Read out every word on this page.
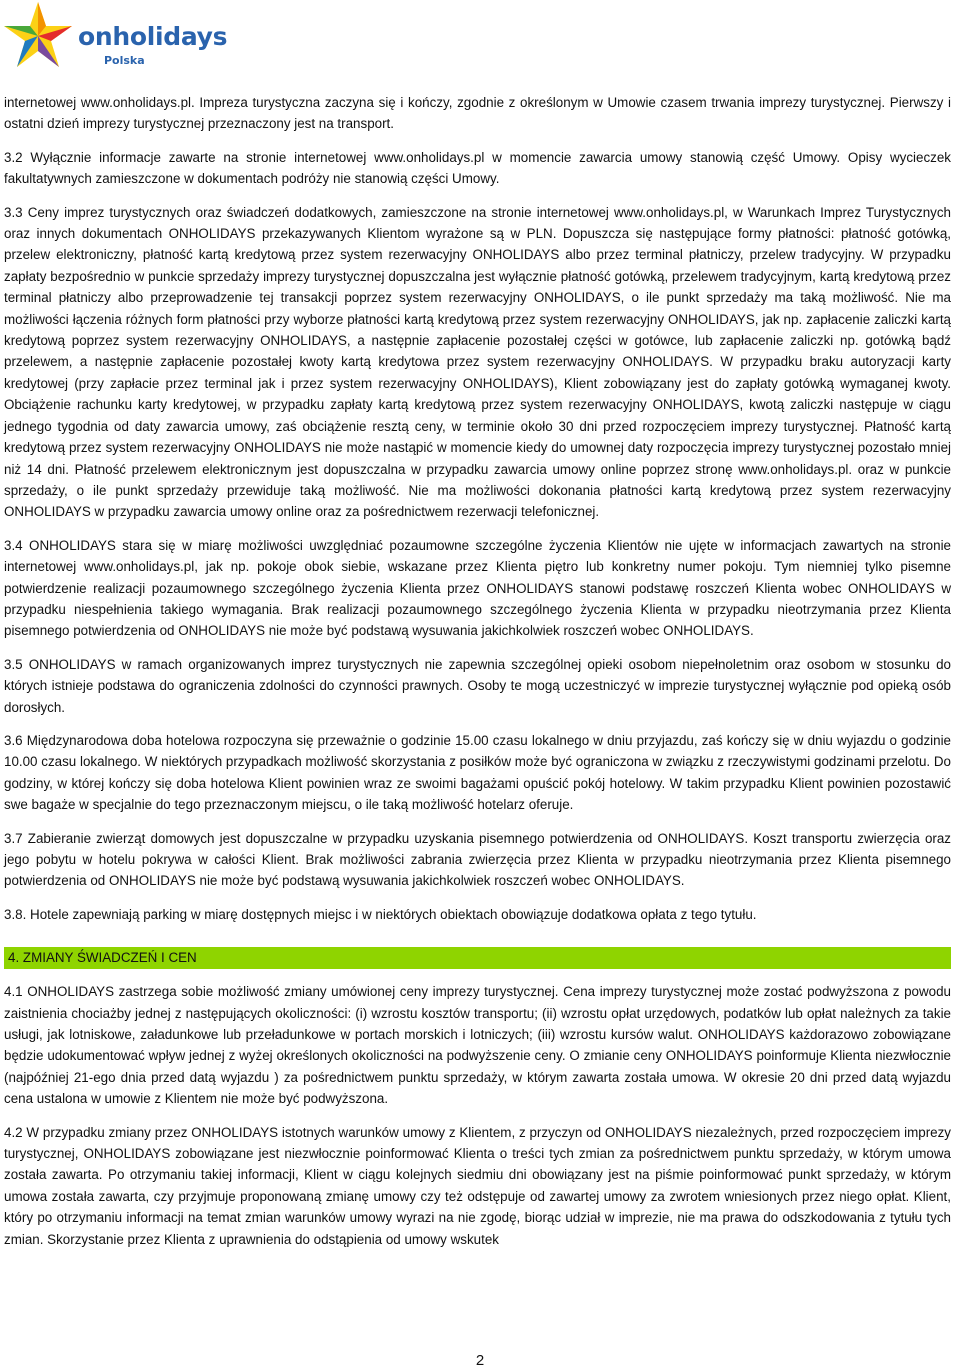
onholidays
Polska

internetowej www.onholidays.pl. Impreza turystyczna zaczyna się i kończy, zgodnie z określonym w Umowie czasem trwania imprezy turystycznej. Pierwszy i ostatni dzień imprezy turystycznej przeznaczony jest na transport.

3.2 Wyłącznie informacje zawarte na stronie internetowej www.onholidays.pl w momencie zawarcia umowy stanowią część Umowy. Opisy wycieczek fakultatywnych zamieszczone w dokumentach podróży nie stanowią części Umowy.

3.3 Ceny imprez turystycznych oraz świadczeń dodatkowych, zamieszczone na stronie internetowej www.onholidays.pl, w Warunkach Imprez Turystycznych oraz innych dokumentach ONHOLIDAYS przekazywanych Klientom wyrażone są w PLN. Dopuszcza się następujące formy płatności: płatność gotówką, przelew elektroniczny, płatność kartą kredytową przez system rezerwacyjny ONHOLIDAYS albo przez terminal płatniczy, przelew tradycyjny. W przypadku zapłaty bezpośrednio w punkcie sprzedaży imprezy turystycznej dopuszczalna jest wyłącznie płatność gotówką, przelewem tradycyjnym, kartą kredytową przez terminal płatniczy albo przeprowadzenie tej transakcji poprzez system rezerwacyjny ONHOLIDAYS, o ile punkt sprzedaży ma taką możliwość. Nie ma możliwości łączenia różnych form płatności przy wyborze płatności kartą kredytową przez system rezerwacyjny ONHOLIDAYS, jak np. zapłacenie zaliczki kartą kredytową poprzez system rezerwacyjny ONHOLIDAYS, a następnie zapłacenie pozostałej części w gotówce, lub zapłacenie zaliczki np. gotówką bądź przelewem, a następnie zapłacenie pozostałej kwoty kartą kredytowa przez system rezerwacyjny ONHOLIDAYS. W przypadku braku autoryzacji karty kredytowej (przy zapłacie przez terminal jak i przez system rezerwacyjny ONHOLIDAYS), Klient zobowiązany jest do zapłaty gotówką wymaganej kwoty. Obciążenie rachunku karty kredytowej, w przypadku zapłaty kartą kredytową przez system rezerwacyjny ONHOLIDAYS, kwotą zaliczki następuje w ciągu jednego tygodnia od daty zawarcia umowy, zaś obciążenie resztą ceny, w terminie około 30 dni przed rozpoczęciem imprezy turystycznej. Płatność kartą kredytową przez system rezerwacyjny ONHOLIDAYS nie może nastąpić w momencie kiedy do umownej daty rozpoczęcia imprezy turystycznej pozostało mniej niż 14 dni. Płatność przelewem elektronicznym jest dopuszczalna w przypadku zawarcia umowy online poprzez stronę www.onholidays.pl. oraz w punkcie sprzedaży, o ile punkt sprzedaży przewiduje taką możliwość. Nie ma możliwości dokonania płatności kartą kredytową przez system rezerwacyjny ONHOLIDAYS w przypadku zawarcia umowy online oraz za pośrednictwem rezerwacji telefonicznej.

3.4 ONHOLIDAYS stara się w miarę możliwości uwzględniać pozaumowne szczególne życzenia Klientów nie ujęte w informacjach zawartych na stronie internetowej www.onholidays.pl, jak np. pokoje obok siebie, wskazane przez Klienta piętro lub konkretny numer pokoju. Tym niemniej tylko pisemne potwierdzenie realizacji pozaumownego szczególnego życzenia Klienta przez ONHOLIDAYS stanowi podstawę roszczeń Klienta wobec ONHOLIDAYS w przypadku niespełnienia takiego wymagania. Brak realizacji pozaumownego szczególnego życzenia Klienta w przypadku nieotrzymania przez Klienta pisemnego potwierdzenia od ONHOLIDAYS nie może być podstawą wysuwania jakichkolwiek roszczeń wobec ONHOLIDAYS.

3.5 ONHOLIDAYS w ramach organizowanych imprez turystycznych nie zapewnia szczególnej opieki osobom niepełnoletnim oraz osobom w stosunku do których istnieje podstawa do ograniczenia zdolności do czynności prawnych. Osoby te mogą uczestniczyć w imprezie turystycznej wyłącznie pod opieką osób dorosłych.

3.6 Międzynarodowa doba hotelowa rozpoczyna się przeważnie o godzinie 15.00 czasu lokalnego w dniu przyjazdu, zaś kończy się w dniu wyjazdu o godzinie 10.00 czasu lokalnego. W niektórych przypadkach możliwość skorzystania z posiłków może być ograniczona w związku z rzeczywistymi godzinami przelotu. Do godziny, w której kończy się doba hotelowa Klient powinien wraz ze swoimi bagażami opuścić pokój hotelowy. W takim przypadku Klient powinien pozostawić swe bagaże w specjalnie do tego przeznaczonym miejscu, o ile taką możliwość hotelarz oferuje.

3.7 Zabieranie zwierząt domowych jest dopuszczalne w przypadku uzyskania pisemnego potwierdzenia od ONHOLIDAYS. Koszt transportu zwierzęcia oraz jego pobytu w hotelu pokrywa w całości Klient. Brak możliwości zabrania zwierzęcia przez Klienta w przypadku nieotrzymania przez Klienta pisemnego potwierdzenia od ONHOLIDAYS nie może być podstawą wysuwania jakichkolwiek roszczeń wobec ONHOLIDAYS.

3.8. Hotele zapewniają parking w miarę dostępnych miejsc i w niektórych obiektach obowiązuje dodatkowa opłata z tego tytułu.

4. ZMIANY ŚWIADCZEŃ I CEN

4.1 ONHOLIDAYS zastrzega sobie możliwość zmiany umówionej ceny imprezy turystycznej. Cena imprezy turystycznej może zostać podwyższona z powodu zaistnienia chociażby jednej z następujących okoliczności: (i) wzrostu kosztów transportu; (ii) wzrostu opłat urzędowych, podatków lub opłat należnych za takie usługi, jak lotniskowe, załadunkowe lub przeładunkowe w portach morskich i lotniczych; (iii) wzrostu kursów walut. ONHOLIDAYS każdorazowo zobowiązane będzie udokumentować wpływ jednej z wyżej określonych okoliczności na podwyższenie ceny. O zmianie ceny ONHOLIDAYS poinformuje Klienta niezwłocznie (najpóźniej 21-ego dnia przed datą wyjazdu ) za pośrednictwem punktu sprzedaży, w którym zawarta została umowa. W okresie 20 dni przed datą wyjazdu cena ustalona w umowie z Klientem nie może być podwyższona.

4.2 W przypadku zmiany przez ONHOLIDAYS istotnych warunków umowy z Klientem, z przyczyn od ONHOLIDAYS niezależnych, przed rozpoczęciem imprezy turystycznej, ONHOLIDAYS zobowiązane jest niezwłocznie poinformować Klienta o treści tych zmian za pośrednictwem punktu sprzedaży, w którym umowa została zawarta. Po otrzymaniu takiej informacji, Klient w ciągu kolejnych siedmiu dni obowiązany jest na piśmie poinformować punkt sprzedaży, w którym umowa została zawarta, czy przyjmuje proponowaną zmianę umowy czy też odstępuje od zawartej umowy za zwrotem wniesionych przez niego opłat. Klient, który po otrzymaniu informacji na temat zmian warunków umowy wyrazi na nie zgodę, biorąc udział w imprezie, nie ma prawa do odszkodowania z tytułu tych zmian. Skorzystanie przez Klienta z uprawnienia do odstąpienia od umowy wskutek

2
